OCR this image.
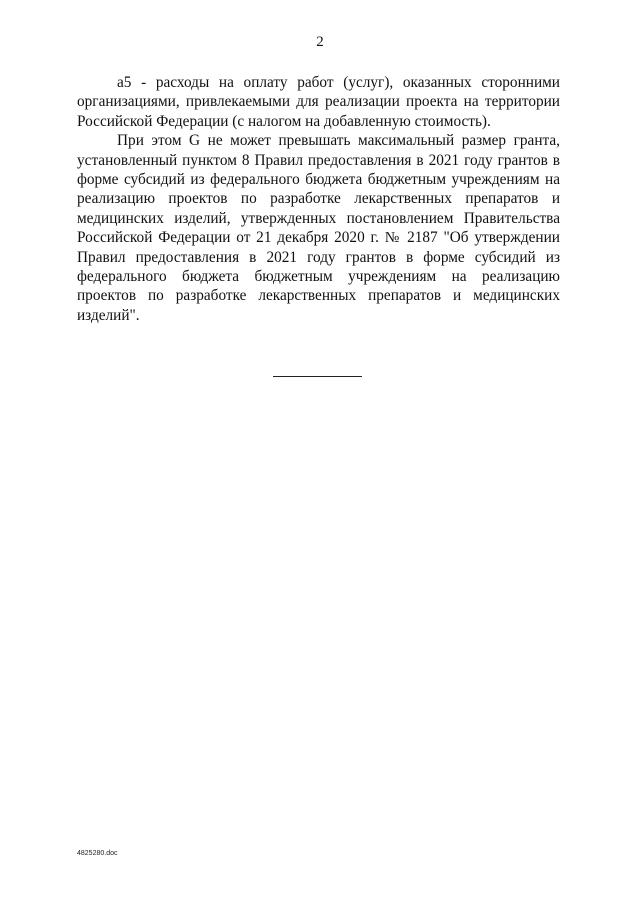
2

а5 - расходы на оплату работ (услуг), оказанных сторонними организациями, привлекаемыми для реализации проекта на территории Российской Федерации (с налогом на добавленную стоимость).

При этом G не может превышать максимальный размер гранта, установленный пунктом 8 Правил предоставления в 2021 году грантов в форме субсидий из федерального бюджета бюджетным учреждениям на реализацию проектов по разработке лекарственных препаратов и медицинских изделий, утвержденных постановлением Правительства Российской Федерации от 21 декабря 2020 г. № 2187 "Об утверждении Правил предоставления в 2021 году грантов в форме субсидий из федерального бюджета бюджетным учреждениям на реализацию проектов по разработке лекарственных препаратов и медицинских изделий".

4825280.doc
